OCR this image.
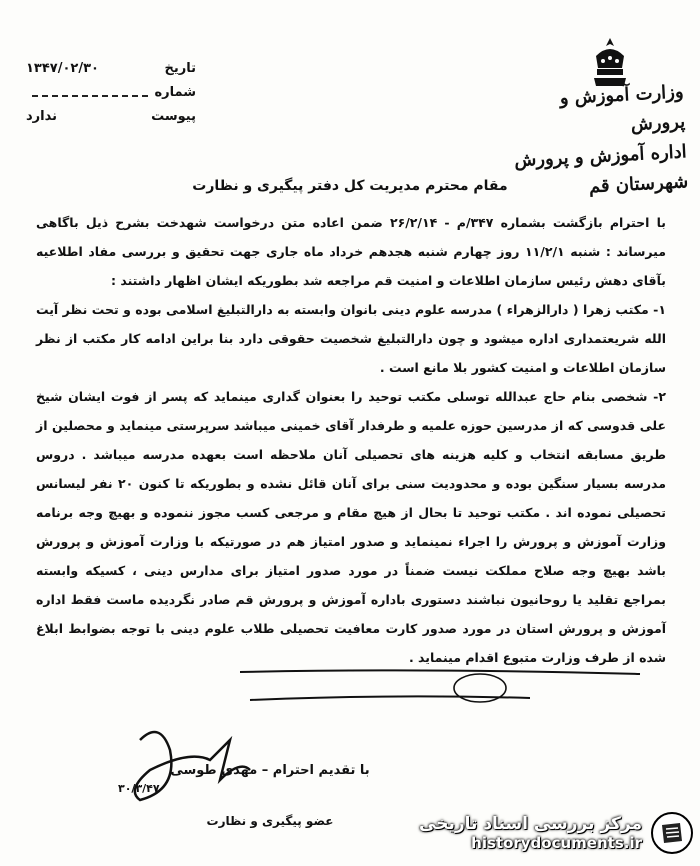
وزارت آموزش و پرورش
اداره آموزش و پرورش شهرستان قم
تاریخ
۱۳۴۷/۰۲/۳۰
شماره
پیوست
ندارد
مقام محترم مدیریت کل دفتر پیگیری و نظارت

با احترام بازگشت بشماره ۳۴۷/م - ۲۶/۲/۱۴ ضمن اعاده متن درخواست شهدخت بشرح ذیل باگاهی میرساند : شنبه ۱۱/۲/۱ روز چهارم شنبه هجدهم خرداد ماه جاری جهت تحقیق و بررسی مفاد اطلاعیه بآقای دهش رئیس سازمان اطلاعات و امنیت قم مراجعه شد بطوریکه ایشان اظهار داشتند :

۱- مکتب زهرا ( دارالزهراء ) مدرسه علوم دینی بانوان وابسته به دارالتبلیغ اسلامی بوده و تحت نظر آیت الله شریعتمداری اداره میشود و چون دارالتبلیغ شخصیت حقوقی دارد بنا براین ادامه کار مکتب از نظر سازمان اطلاعات و امنیت کشور بلا مانع است .

۲- شخصی بنام حاج عبدالله توسلی مکتب توحید را بعنوان گداری مینماید که پسر از فوت ایشان شیخ علی قدوسی که از مدرسین حوزه علمیه و طرفدار آقای خمینی میباشد سرپرستی مینماید و محصلین از طریق مسابقه انتخاب و کلیه هزینه های تحصیلی آنان ملاحظه است بعهده مدرسه میباشد . دروس مدرسه بسیار سنگین بوده و محدودیت سنی برای آنان قائل نشده و بطوریکه تا کنون ۲۰ نفر لیسانس تحصیلی نموده اند . مکتب توحید تا بحال از هیچ مقام و مرجعی کسب مجوز ننموده و بهیچ وجه برنامه وزارت آموزش و پرورش را اجراء نمینماید و صدور امتیاز هم در صورتیکه با وزارت آموزش و پرورش باشد بهیچ وجه صلاح مملکت نیست ضمناً در مورد صدور امتیاز برای مدارس دینی ، کسیکه وابسته بمراجع تقلید یا روحانیون نباشند دستوری باداره آموزش و پرورش قم صادر نگردیده ماست فقط اداره آموزش و پرورش استان در مورد صدور کارت معافیت تحصیلی طلاب علوم دینی با توجه بضوابط ابلاغ شده از طرف وزارت متبوع اقدام مینماید .

۳۰/۳/۴۷
با تقدیم احترام – مهدی طوسی
عضو پیگیری و نظارت	مرکز بررسی اسناد تاریخی
historydocuments.ir
